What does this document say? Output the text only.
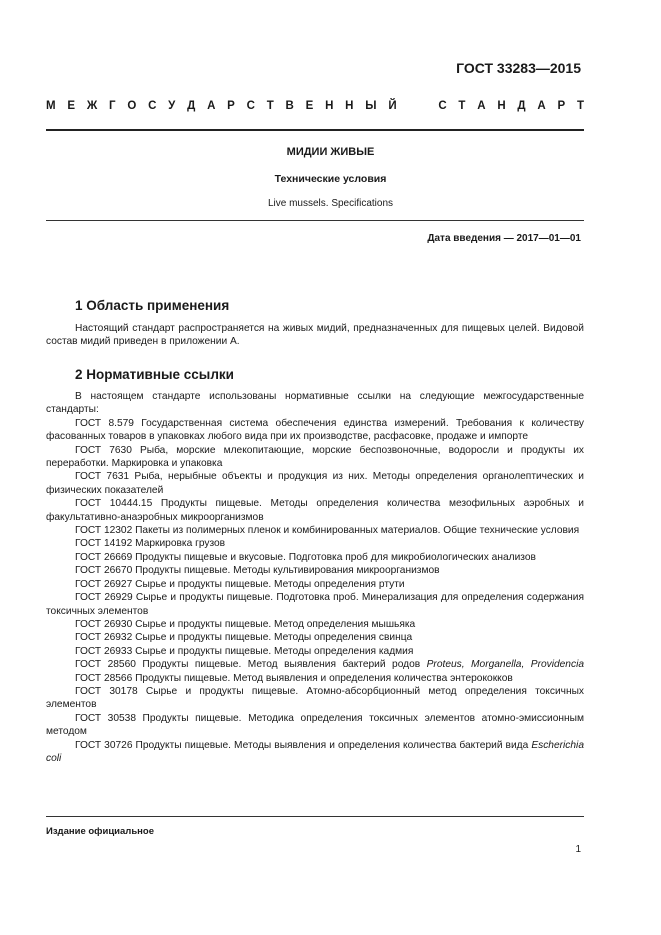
ГОСТ 33283—2015
М Е Ж Г О С У Д А Р С Т В Е Н Н Ы Й

	С Т А Н Д А Р Т
МИДИИ ЖИВЫЕ
Технические условия
Live mussels. Specifications
Дата введения — 2017—01—01
1 Область применения

Настоящий стандарт распространяется на живых мидий, предназначенных для пищевых целей. Видовой состав мидий приведен в приложении А.

2 Нормативные ссылки

В настоящем стандарте использованы нормативные ссылки на следующие межгосударственные стандарты:

ГОСТ 8.579 Государственная система обеспечения единства измерений. Требования к количеству фасованных товаров в упаковках любого вида при их производстве, расфасовке, продаже и импорте

ГОСТ 7630 Рыба, морские млекопитающие, морские беспозвоночные, водоросли и продукты их переработки. Маркировка и упаковка

ГОСТ 7631 Рыба, нерыбные объекты и продукция из них. Методы определения органолептических и физических показателей

ГОСТ 10444.15 Продукты пищевые. Методы определения количества мезофильных аэробных и факультативно-анаэробных микроорганизмов

ГОСТ 12302 Пакеты из полимерных пленок и комбинированных материалов. Общие технические условия

ГОСТ 14192 Маркировка грузов

ГОСТ 26669 Продукты пищевые и вкусовые. Подготовка проб для микробиологических анализов

ГОСТ 26670 Продукты пищевые. Методы культивирования микроорганизмов

ГОСТ 26927 Сырье и продукты пищевые. Методы определения ртути

ГОСТ 26929 Сырье и продукты пищевые. Подготовка проб. Минерализация для определения содержания токсичных элементов

ГОСТ 26930 Сырье и продукты пищевые. Метод определения мышьяка

ГОСТ 26932 Сырье и продукты пищевые. Методы определения свинца

ГОСТ 26933 Сырье и продукты пищевые. Методы определения кадмия

ГОСТ 28560 Продукты пищевые. Метод выявления бактерий родов Proteus, Morganella, Providencia

ГОСТ 28566 Продукты пищевые. Метод выявления и определения количества энтерококков

ГОСТ 30178 Сырье и продукты пищевые. Атомно-абсорбционный метод определения токсичных элементов

ГОСТ 30538 Продукты пищевые. Методика определения токсичных элементов атомно-эмиссионным методом

ГОСТ 30726 Продукты пищевые. Методы выявления и определения количества бактерий вида Escherichia coli

Издание официальное
1
